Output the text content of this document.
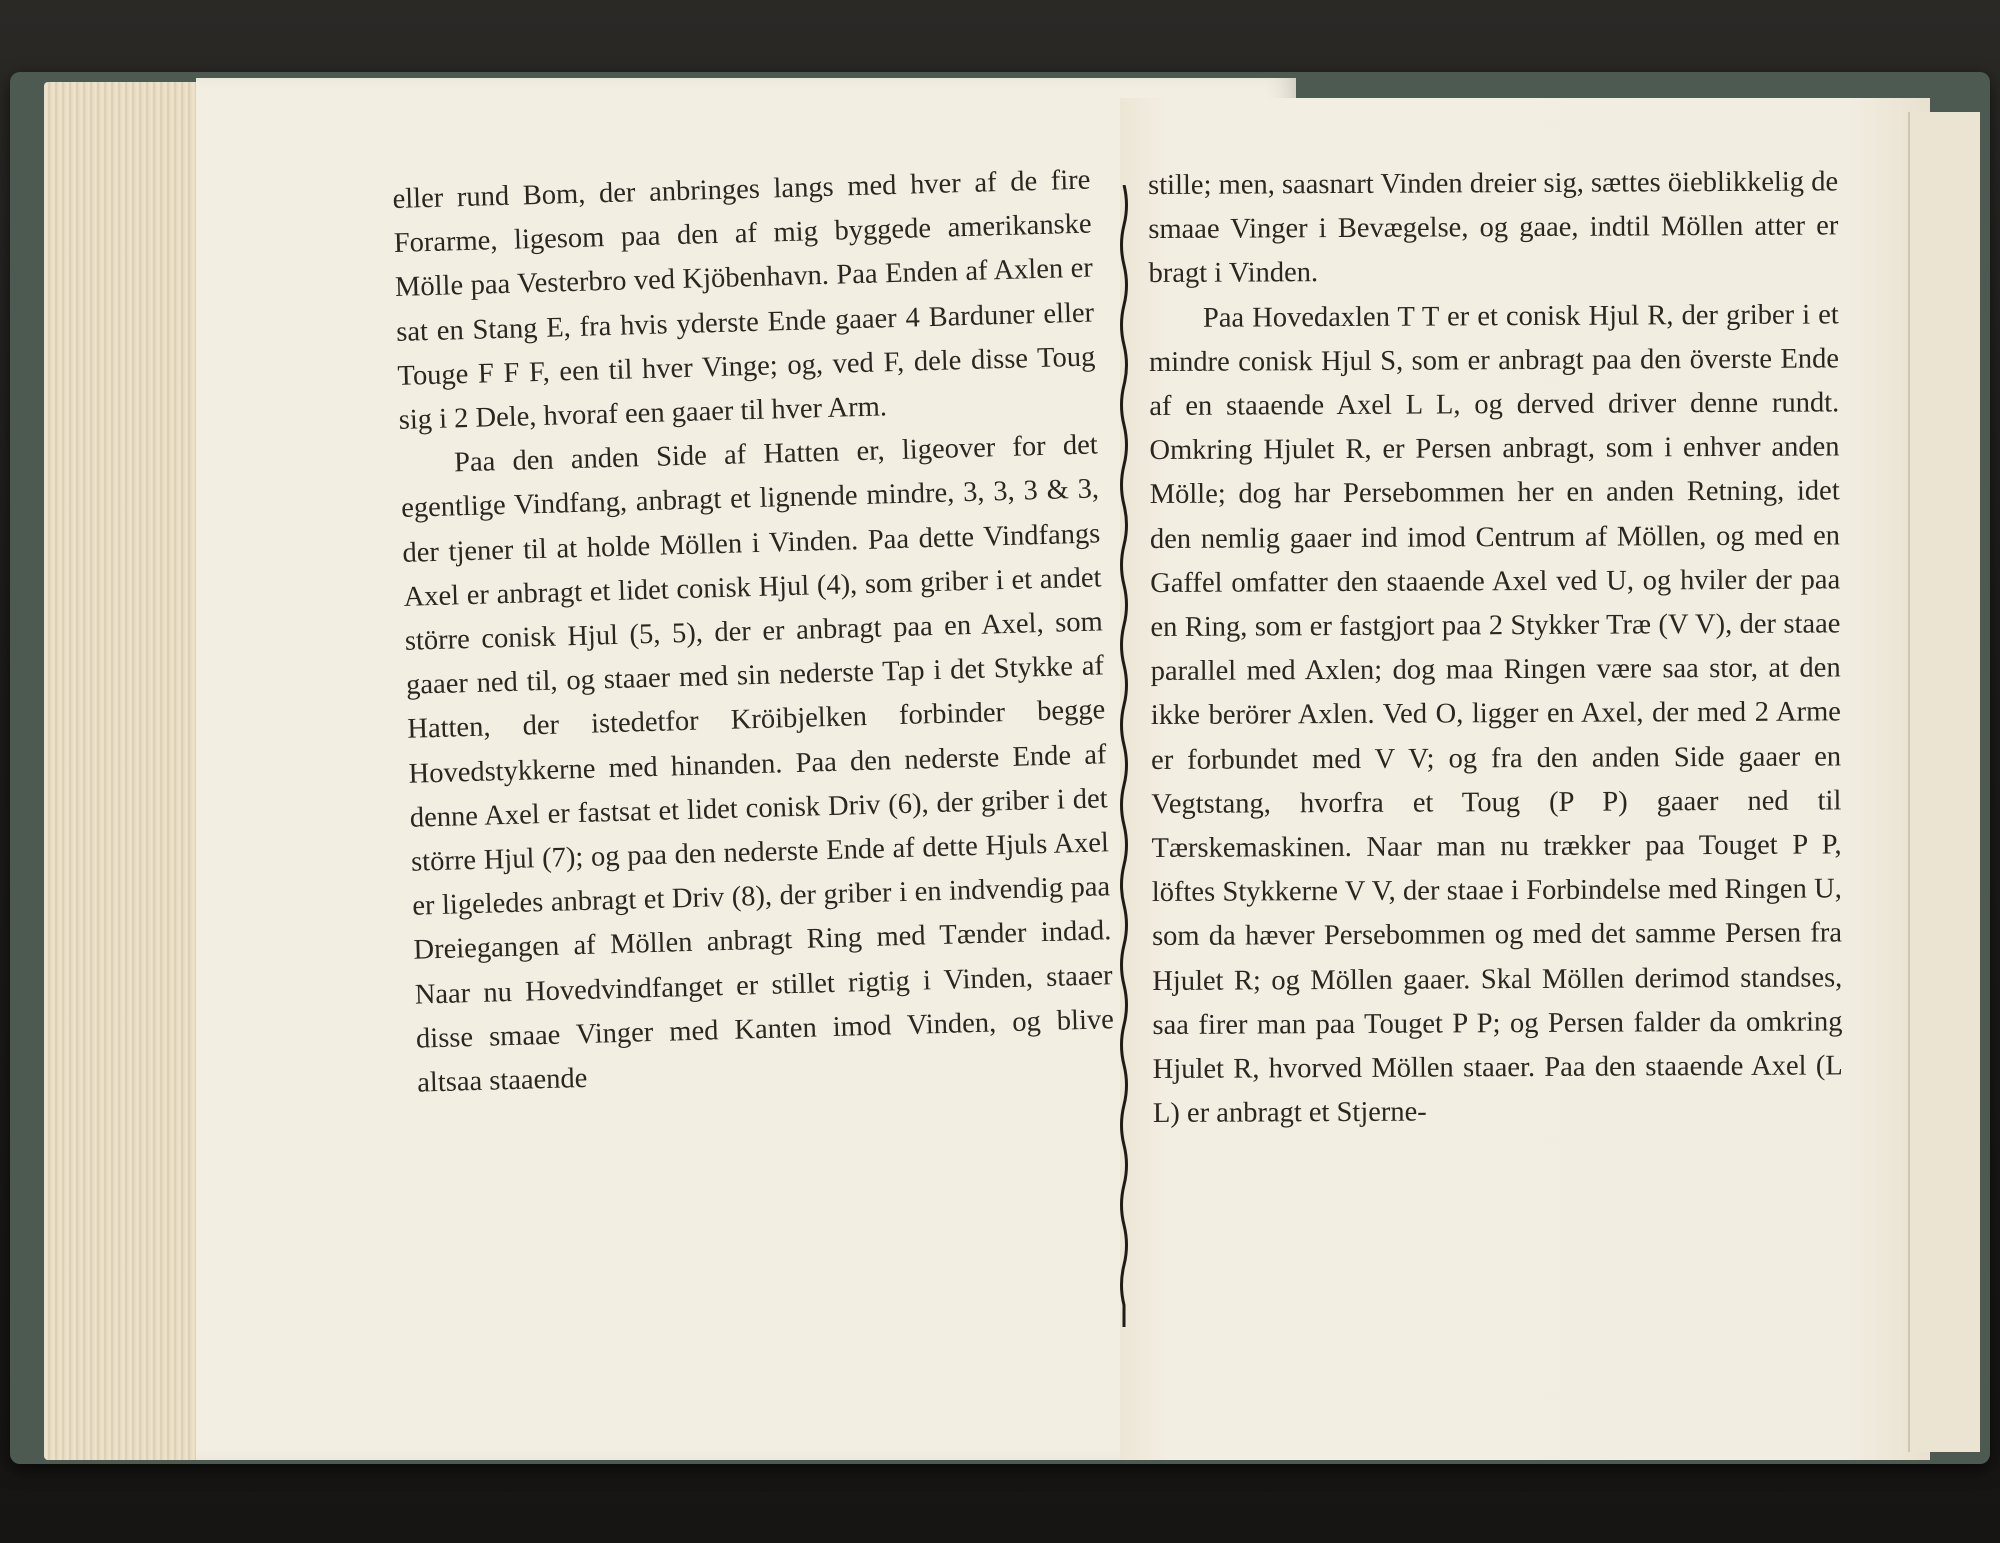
eller rund Bom, der anbringes langs med hver af de fire Forarme, ligesom paa den af mig byggede amerikanske Mölle paa Vesterbro ved Kjöbenhavn. Paa Enden af Axlen er sat en Stang E, fra hvis yderste Ende gaaer 4 Barduner eller Touge F F F, een til hver Vinge; og, ved F, dele disse Toug sig i 2 Dele, hvoraf een gaaer til hver Arm.

Paa den anden Side af Hatten er, ligeover for det egentlige Vindfang, anbragt et lignende mindre, 3, 3, 3 & 3, der tjener til at holde Möllen i Vinden. Paa dette Vindfangs Axel er anbragt et lidet conisk Hjul (4), som griber i et andet större conisk Hjul (5, 5), der er anbragt paa en Axel, som gaaer ned til, og staaer med sin nederste Tap i det Stykke af Hatten, der istedetfor Kröibjelken forbinder begge Hovedstykkerne med hinanden. Paa den nederste Ende af denne Axel er fastsat et lidet conisk Driv (6), der griber i det större Hjul (7); og paa den nederste Ende af dette Hjuls Axel er ligeledes anbragt et Driv (8), der griber i en indvendig paa Dreiegangen af Möllen anbragt Ring med Tænder indad. Naar nu Hovedvindfanget er stillet rigtig i Vinden, staaer disse smaae Vinger med Kanten imod Vinden, og blive altsaa staaende

stille; men, saasnart Vinden dreier sig, sættes öieblikkelig de smaae Vinger i Bevægelse, og gaae, indtil Möllen atter er bragt i Vinden.

Paa Hovedaxlen T T er et conisk Hjul R, der griber i et mindre conisk Hjul S, som er anbragt paa den överste Ende af en staaende Axel L L, og derved driver denne rundt. Omkring Hjulet R, er Persen anbragt, som i enhver anden Mölle; dog har Persebommen her en anden Retning, idet den nemlig gaaer ind imod Centrum af Möllen, og med en Gaffel omfatter den staaende Axel ved U, og hviler der paa en Ring, som er fastgjort paa 2 Stykker Træ (V V), der staae parallel med Axlen; dog maa Ringen være saa stor, at den ikke berörer Axlen. Ved O, ligger en Axel, der med 2 Arme er forbundet med V V; og fra den anden Side gaaer en Vegtstang, hvorfra et Toug (P P) gaaer ned til Tærskemaskinen. Naar man nu trækker paa Touget P P, löftes Stykkerne V V, der staae i Forbindelse med Ringen U, som da hæver Persebommen og med det samme Persen fra Hjulet R; og Möllen gaaer. Skal Möllen derimod standses, saa firer man paa Touget P P; og Persen falder da omkring Hjulet R, hvorved Möllen staaer. Paa den staaende Axel (L L) er anbragt et Stjerne-
